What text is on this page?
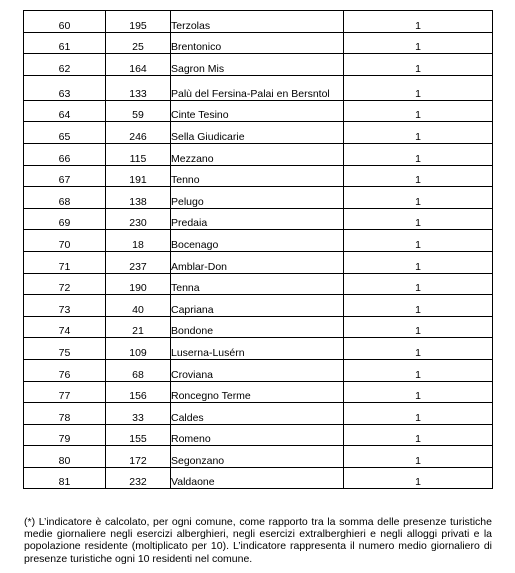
60	195	Terzolas	1
61	25	Brentonico	1
62	164	Sagron Mis	1
63	133	Palù del Fersina-Palai en Bersntol	1
64	59	Cinte Tesino	1
65	246	Sella Giudicarie	1
66	115	Mezzano	1
67	191	Tenno	1
68	138	Pelugo	1
69	230	Predaia	1
70	18	Bocenago	1
71	237	Amblar-Don	1
72	190	Tenna	1
73	40	Capriana	1
74	21	Bondone	1
75	109	Luserna-Lusérn	1
76	68	Croviana	1
77	156	Roncegno Terme	1
78	33	Caldes	1
79	155	Romeno	1
80	172	Segonzano	1
81	232	Valdaone	1

(*) L’indicatore è calcolato, per ogni comune, come rapporto tra la somma delle presenze turistiche medie giornaliere negli esercizi alberghieri, negli esercizi extralberghieri e negli alloggi privati e la popolazione residente (moltiplicato per 10). L’indicatore rappresenta il numero medio giornaliero di presenze turistiche ogni 10 residenti nel comune.
